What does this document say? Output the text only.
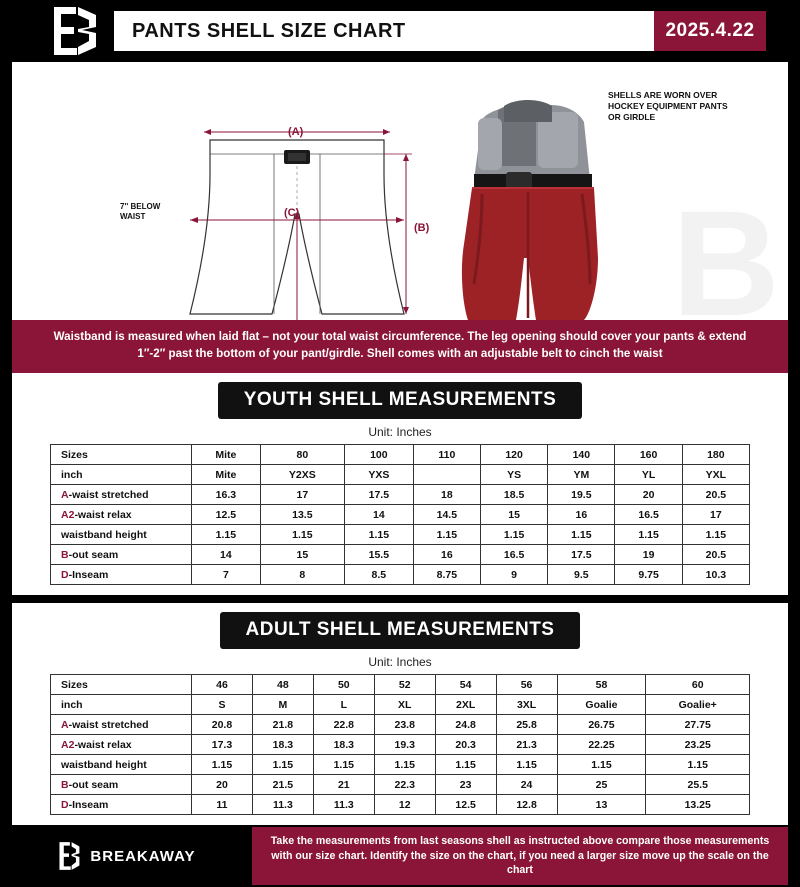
PANTS SHELL SIZE CHART	2025.4.22
B
(A)
(B)
(C)
7'' BELOW WAIST
SHELLS ARE WORN OVER HOCKEY EQUIPMENT PANTS OR GIRDLE
Waistband is measured when laid flat – not your total waist circumference. The leg opening should cover your pants & extend 1″-2″ past the bottom of your pant/girdle. Shell comes with an adjustable belt to cinch the waist
YOUTH SHELL MEASUREMENTS
Unit: Inches
Sizes	Mite	80	100	110	120	140	160	180
inch	Mite	Y2XS	YXS		YS	YM	YL	YXL
A-waist stretched	16.3	17	17.5	18	18.5	19.5	20	20.5
A2-waist relax	12.5	13.5	14	14.5	15	16	16.5	17
waistband height	1.15	1.15	1.15	1.15	1.15	1.15	1.15	1.15
B-out seam	14	15	15.5	16	16.5	17.5	19	20.5
D-Inseam	7	8	8.5	8.75	9	9.5	9.75	10.3
ADULT SHELL MEASUREMENTS
Unit: Inches
Sizes	46	48	50	52	54	56	58	60
inch	S	M	L	XL	2XL	3XL	Goalie	Goalie+
A-waist stretched	20.8	21.8	22.8	23.8	24.8	25.8	26.75	27.75
A2-waist relax	17.3	18.3	18.3	19.3	20.3	21.3	22.25	23.25
waistband height	1.15	1.15	1.15	1.15	1.15	1.15	1.15	1.15
B-out seam	20	21.5	21	22.3	23	24	25	25.5
D-Inseam	11	11.3	11.3	12	12.5	12.8	13	13.25
BREAKAWAY
Take the measurements from last seasons shell as instructed above compare those measurements with our size chart. Identify the size on the chart, if you need a larger size move up the scale on the chart
